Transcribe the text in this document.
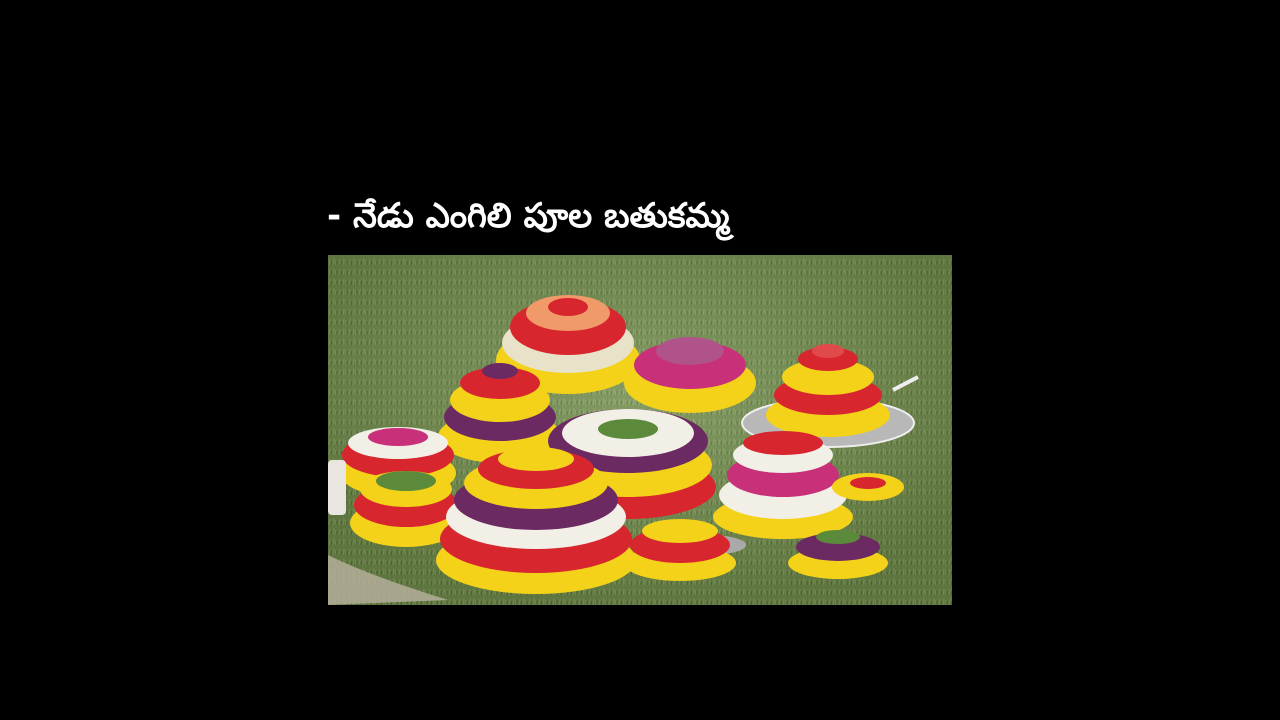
- నేడు ఎంగిలి పూల బతుకమ్మ
